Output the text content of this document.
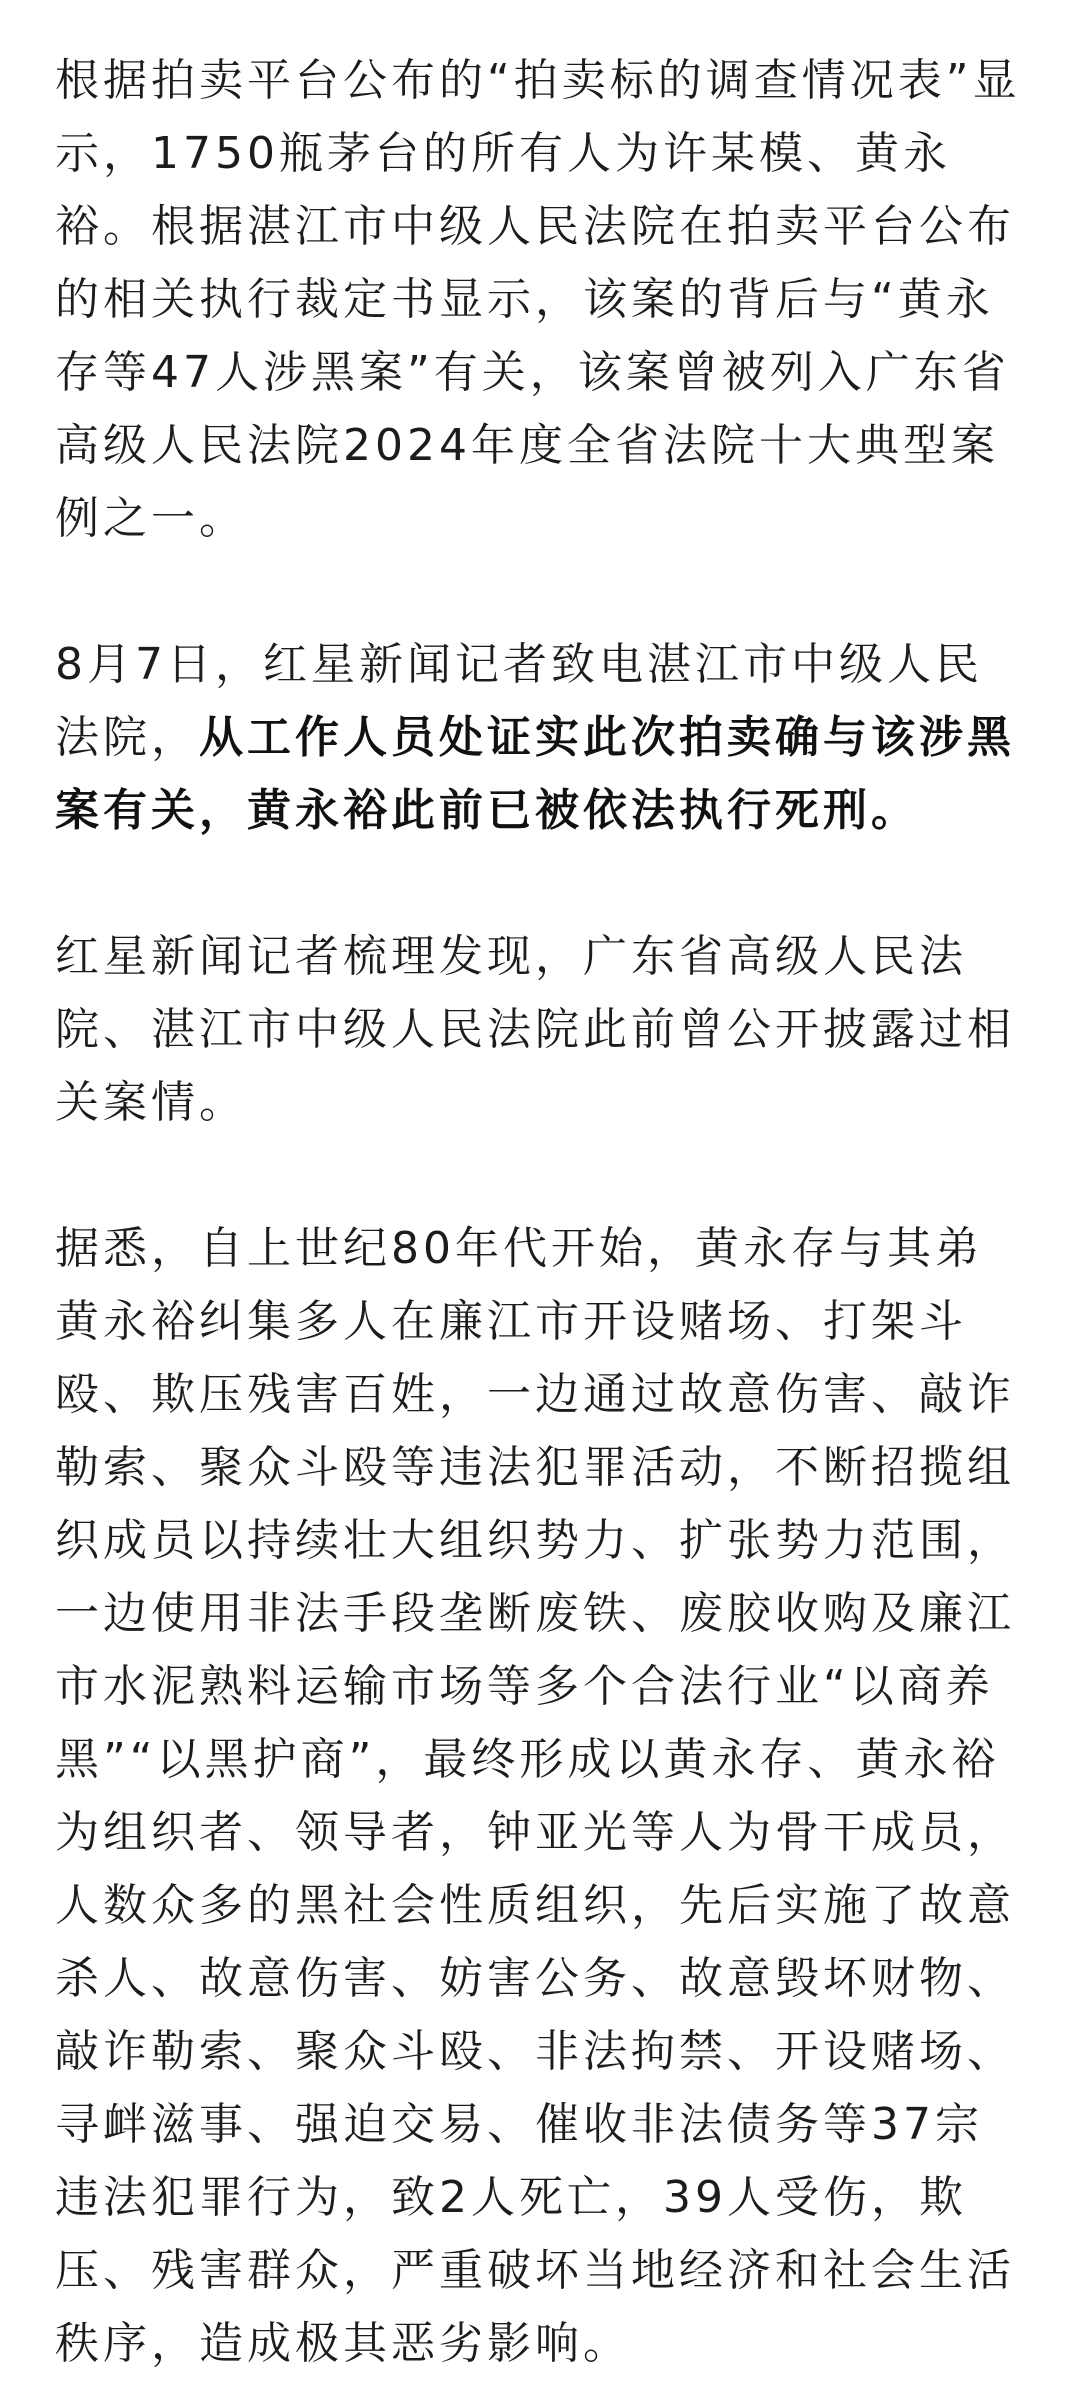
根据拍卖平台公布的“拍卖标的调查情况表”显示，1750瓶茅台的所有人为许某模、黄永裕。根据湛江市中级人民法院在拍卖平台公布的相关执行裁定书显示，该案的背后与“黄永存等47人涉黑案”有关，该案曾被列入广东省高级人民法院2024年度全省法院十大典型案例之一。

8月7日，红星新闻记者致电湛江市中级人民法院，从工作人员处证实此次拍卖确与该涉黑案有关，黄永裕此前已被依法执行死刑。

红星新闻记者梳理发现，广东省高级人民法院、湛江市中级人民法院此前曾公开披露过相关案情。

据悉，自上世纪80年代开始，黄永存与其弟黄永裕纠集多人在廉江市开设赌场、打架斗殴、欺压残害百姓，一边通过故意伤害、敲诈勒索、聚众斗殴等违法犯罪活动，不断招揽组织成员以持续壮大组织势力、扩张势力范围，一边使用非法手段垄断废铁、废胶收购及廉江市水泥熟料运输市场等多个合法行业“以商养黑”“以黑护商”，最终形成以黄永存、黄永裕为组织者、领导者，钟亚光等人为骨干成员，人数众多的黑社会性质组织，先后实施了故意杀人、故意伤害、妨害公务、故意毁坏财物、敲诈勒索、聚众斗殴、非法拘禁、开设赌场、寻衅滋事、强迫交易、催收非法债务等37宗违法犯罪行为，致2人死亡，39人受伤，欺压、残害群众，严重破坏当地经济和社会生活秩序，造成极其恶劣影响。
